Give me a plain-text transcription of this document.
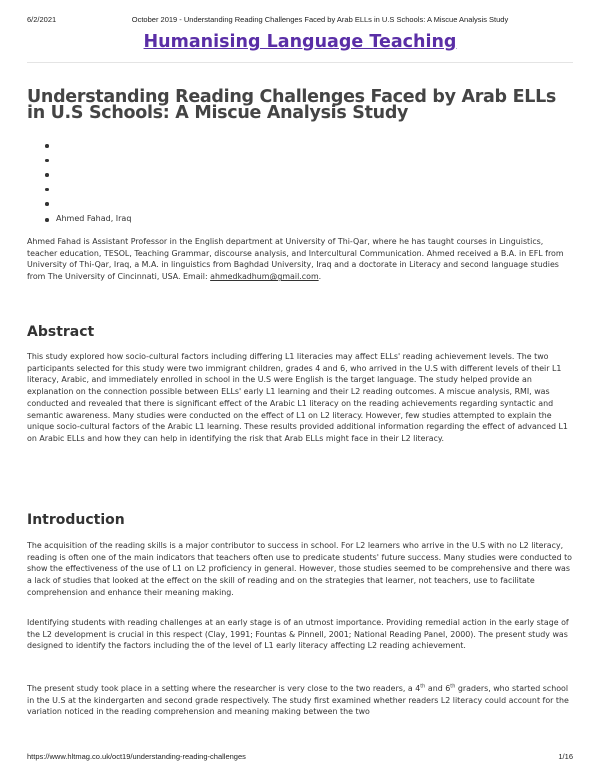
6/2/2021	October 2019 - Understanding Reading Challenges Faced by Arab ELLs in U.S Schools: A Miscue Analysis Study
Humanising Language Teaching
Understanding Reading Challenges Faced by Arab ELLs in U.S Schools: A Miscue Analysis Study
Ahmed Fahad, Iraq

Ahmed Fahad is Assistant Professor in the English department at University of Thi-Qar, where he has taught courses in Linguistics, teacher education, TESOL, Teaching Grammar, discourse analysis, and Intercultural Communication. Ahmed received a B.A. in EFL from University of Thi-Qar, Iraq, a M.A. in linguistics from Baghdad University, Iraq and a doctorate in Literacy and second language studies from The University of Cincinnati, USA. Email: ahmedkadhum@gmail.com.

Abstract

This study explored how socio-cultural factors including differing L1 literacies may affect ELLs' reading achievement levels. The two participants selected for this study were two immigrant children, grades 4 and 6, who arrived in the U.S with different levels of their L1 literacy, Arabic, and immediately enrolled in school in the U.S were English is the target language. The study helped provide an explanation on the connection possible between ELLs' early L1 learning and their L2 reading outcomes. A miscue analysis, RMI, was conducted and revealed that there is significant effect of the Arabic L1 literacy on the reading achievements regarding syntactic and semantic awareness. Many studies were conducted on the effect of L1 on L2 literacy. However, few studies attempted to explain the unique socio-cultural factors of the Arabic L1 learning. These results provided additional information regarding the effect of advanced L1 on Arabic ELLs and how they can help in identifying the risk that Arab ELLs might face in their L2 literacy.

Introduction

The acquisition of the reading skills is a major contributor to success in school. For L2 learners who arrive in the U.S with no L2 literacy, reading is often one of the main indicators that teachers often use to predicate students' future success. Many studies were conducted to show the effectiveness of the use of L1 on L2 proficiency in general. However, those studies seemed to be comprehensive and there was a lack of studies that looked at the effect on the skill of reading and on the strategies that learner, not teachers, use to facilitate comprehension and enhance their meaning making.

Identifying students with reading challenges at an early stage is of an utmost importance. Providing remedial action in the early stage of the L2 development is crucial in this respect (Clay, 1991; Fountas & Pinnell, 2001; National Reading Panel, 2000). The present study was designed to identify the factors including the of the level of L1 early literacy affecting L2 reading achievement.

The present study took place in a setting where the researcher is very close to the two readers, a 4th and 6th graders, who started school in the U.S at the kindergarten and second grade respectively. The study first examined whether readers L2 literacy could account for the variation noticed in the reading comprehension and meaning making between the two

https://www.hltmag.co.uk/oct19/understanding-reading-challenges	1/16
